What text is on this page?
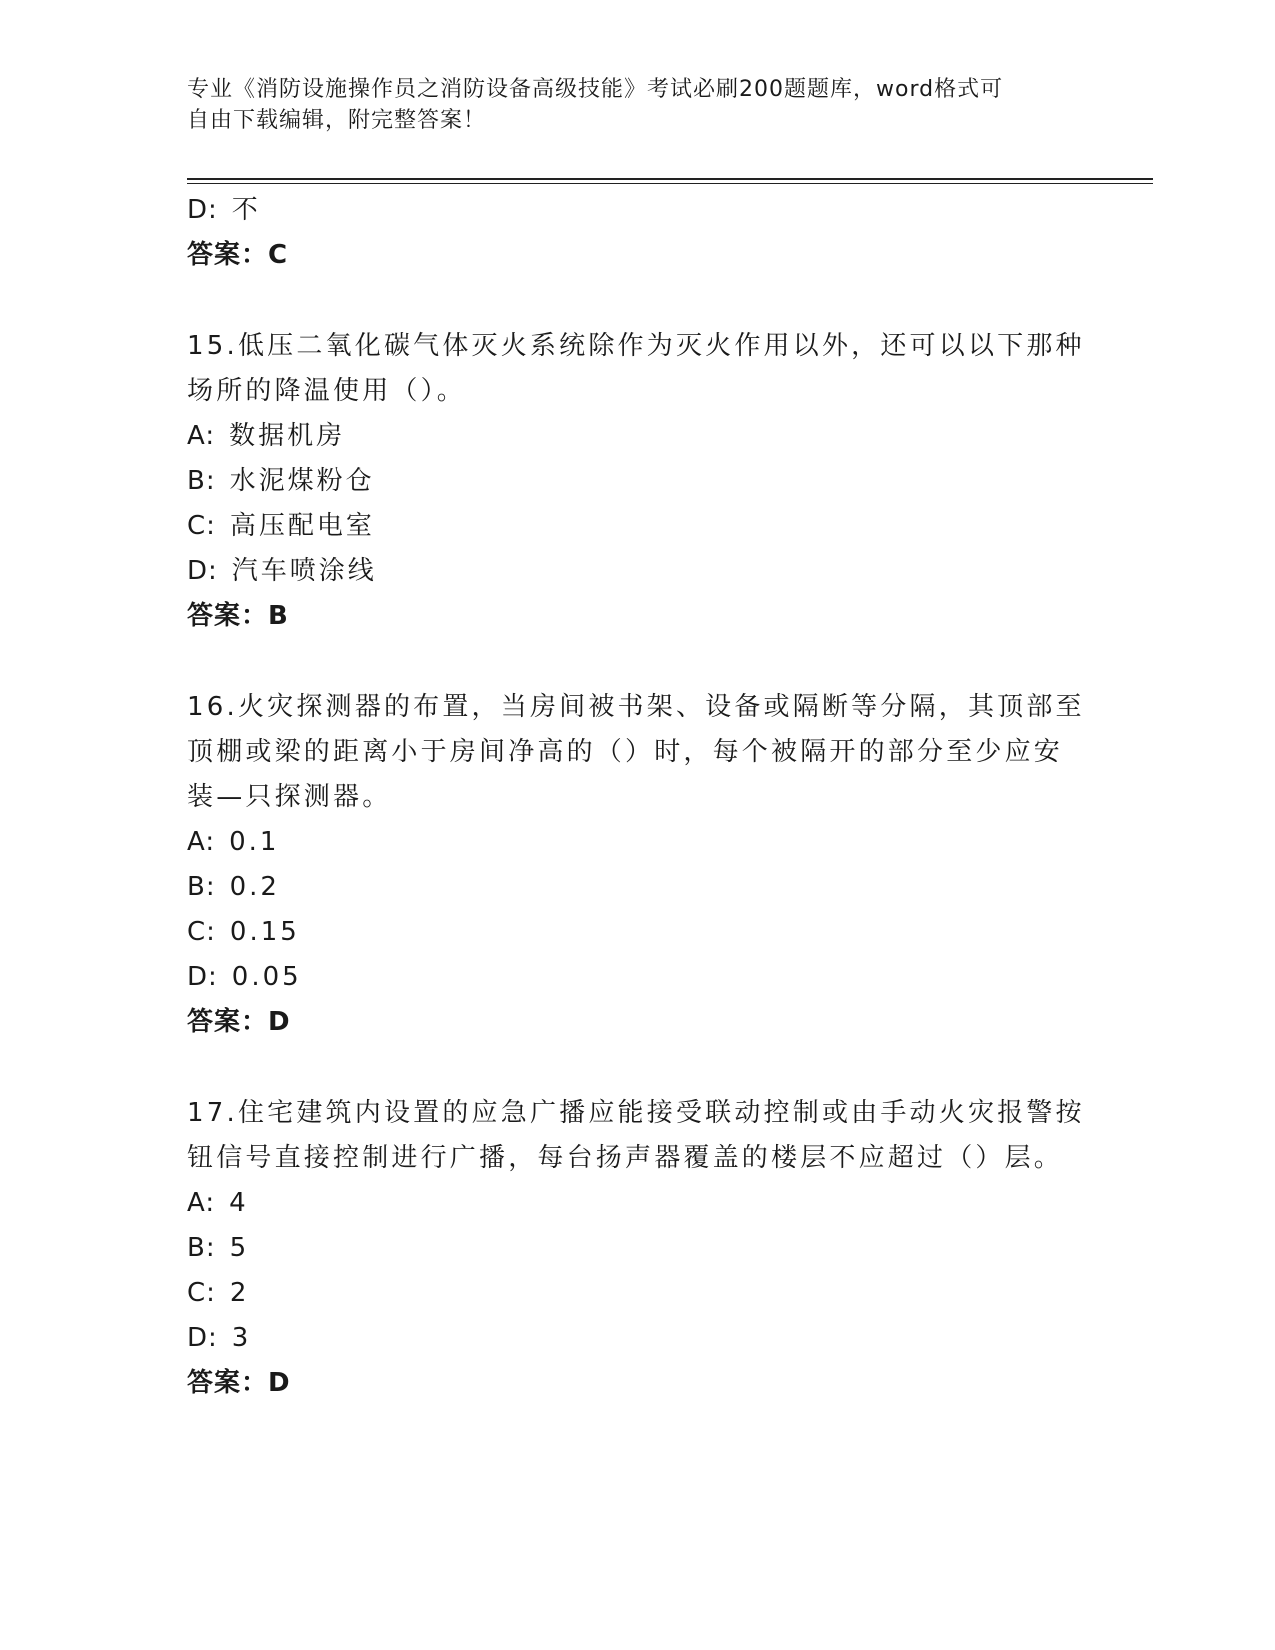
专业《消防设施操作员之消防设备高级技能》考试必刷200题题库，word格式可
自由下载编辑，附完整答案！
D: 不
答案：C
15.低压二氧化碳气体灭火系统除作为灭火作用以外，还可以以下那种
场所的降温使用（）。
A: 数据机房
B: 水泥煤粉仓
C: 高压配电室
D: 汽车喷涂线
答案：B
16.火灾探测器的布置，当房间被书架、设备或隔断等分隔，其顶部至
顶棚或梁的距离小于房间净高的（）时，每个被隔开的部分至少应安
装—只探测器。
A: 0.1
B: 0.2
C: 0.15
D: 0.05
答案：D
17.住宅建筑内设置的应急广播应能接受联动控制或由手动火灾报警按
钮信号直接控制进行广播，每台扬声器覆盖的楼层不应超过（）层。
A: 4
B: 5
C: 2
D: 3
答案：D
